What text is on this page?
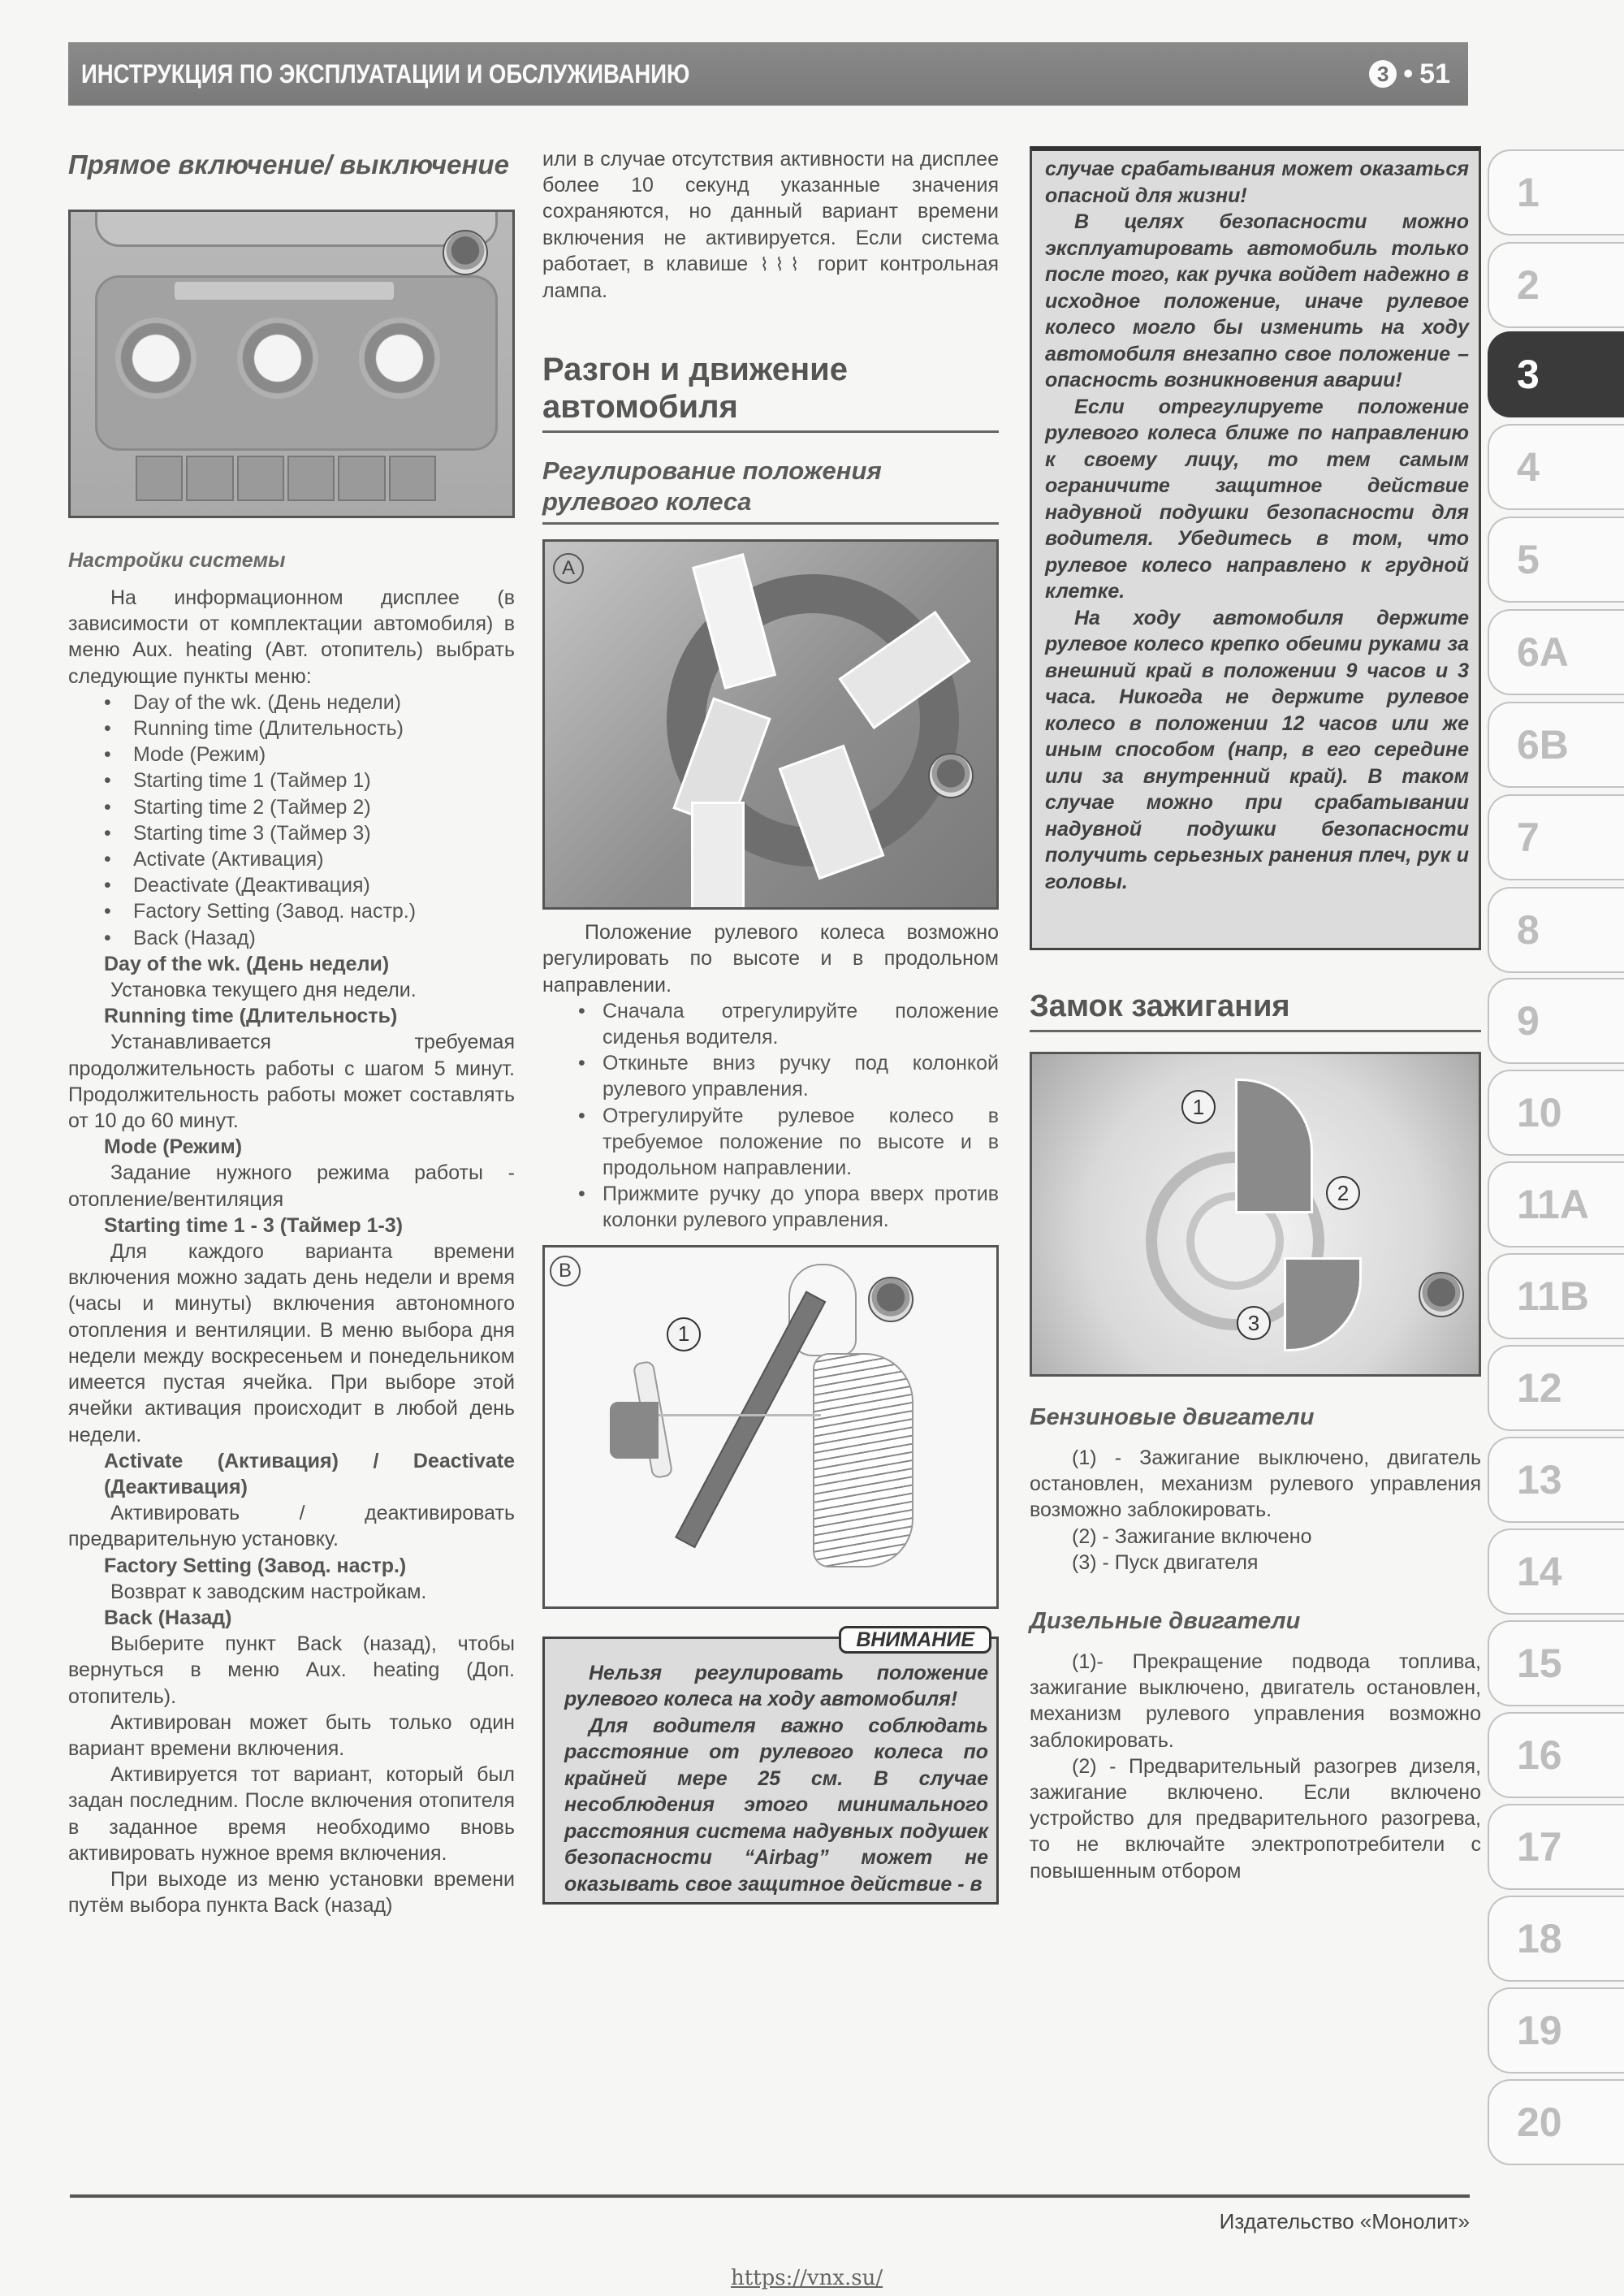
ИНСТРУКЦИЯ ПО ЭКСПЛУАТАЦИИ И ОБСЛУЖИВАНИЮ	3 • 51
Прямое включение/ выключение
Настройки системы

На информационном дисплее (в зависимости от комплектации автомобиля) в меню Aux. heating (Авт. отопитель) выбрать следующие пункты меню:

• Day of the wk. (День недели)
• Running time (Длительность)
• Mode (Режим)
• Starting time 1 (Таймер 1)
• Starting time 2 (Таймер 2)
• Starting time 3 (Таймер 3)
• Activate (Активация)
• Deactivate (Деактивация)
• Factory Setting (Завод. настр.)
• Back (Назад)
Day of the wk. (День недели)

Установка текущего дня недели.

Running time (Длительность)

Устанавливается требуемая продолжительность работы с шагом 5 минут. Продолжительность работы может составлять от 10 до 60 минут.

Mode (Режим)

Задание нужного режима работы - отопление/вентиляция

Starting time 1 - 3 (Таймер 1-3)

Для каждого варианта времени включения можно задать день недели и время (часы и минуты) включения автономного отопления и вентиляции. В меню выбора дня недели между воскресеньем и понедельником имеется пустая ячейка. При выборе этой ячейки активация происходит в любой день недели.

Activate (Активация) / Deactivate (Деактивация)

Активировать / деактивировать предварительную установку.

Factory Setting (Завод. настр.)

Возврат к заводским настройкам.

Back (Назад)

Выберите пункт Back (назад), чтобы вернуться в меню Aux. heating (Доп. отопитель).

Активирован может быть только один вариант времени включения.

Активируется тот вариант, который был задан последним. После включения отопителя в заданное время необходимо вновь активировать нужное время включения.

При выходе из меню установки времени путём выбора пункта Back (назад)

или в случае отсутствия активности на дисплее более 10 секунд указанные значения сохраняются, но данный вариант времени включения не активируется. Если система работает, в клавише ⌇⌇⌇ горит контрольная лампа.

Разгон и движение автомобиля
Регулирование положения рулевого колеса
A

Положение рулевого колеса возможно регулировать по высоте и в продольном направлении.

• Сначала отрегулируйте положение сиденья водителя.
• Откиньте вниз ручку под колонкой рулевого управления.
• Отрегулируйте рулевое колесо в требуемое положение по высоте и в продольном направлении.
• Прижмите ручку до упора вверх против колонки рулевого управления.
B
1
ВНИМАНИЕ

Нельзя регулировать положение рулевого колеса на ходу автомобиля!

Для водителя важно соблюдать расстояние от рулевого колеса по крайней мере 25 см. В случае несоблюдения этого минимального расстояния система надувных подушек безопасности “Airbag” может не оказывать свое защитное действие - в

случае срабатывания может оказаться опасной для жизни!

В целях безопасности можно эксплуатировать автомобиль только после того, как ручка войдет надежно в исходное положение, иначе рулевое колесо могло бы изменить на ходу автомобиля внезапно свое положение – опасность возникновения аварии!

Если отрегулируете положение рулевого колеса ближе по направлению к своему лицу, то тем самым ограничите защитное действие надувной подушки безопасности для водителя. Убедитесь в том, что рулевое колесо направлено к грудной клетке.

На ходу автомобиля держите рулевое колесо крепко обеими руками за внешний край в положении 9 часов и 3 часа. Никогда не держите рулевое колесо в положении 12 часов или же иным способом (напр, в его середине или за внутренний край). В таком случае можно при срабатывании надувной подушки безопасности получить серьезных ранения плеч, рук и головы.

Замок зажигания
1
2
3
Бензиновые двигатели

(1) - Зажигание выключено, двигатель остановлен, механизм рулевого управления возможно заблокировать.

(2) - Зажигание включено

(3) - Пуск двигателя

Дизельные двигатели

(1)- Прекращение подвода топлива, зажигание выключено, двигатель остановлен, механизм рулевого управления возможно заблокировать.

(2) - Предварительный разогрев дизеля, зажигание включено. Если включено устройство для предварительного разогрева, то не включайте электропотребители с повышенным отбором

1
2
3
4
5
6A
6B
7
8
9
10
11A
11B
12
13
14
15
16
17
18
19
20
Издательство «Монолит»
https://vnx.su/
